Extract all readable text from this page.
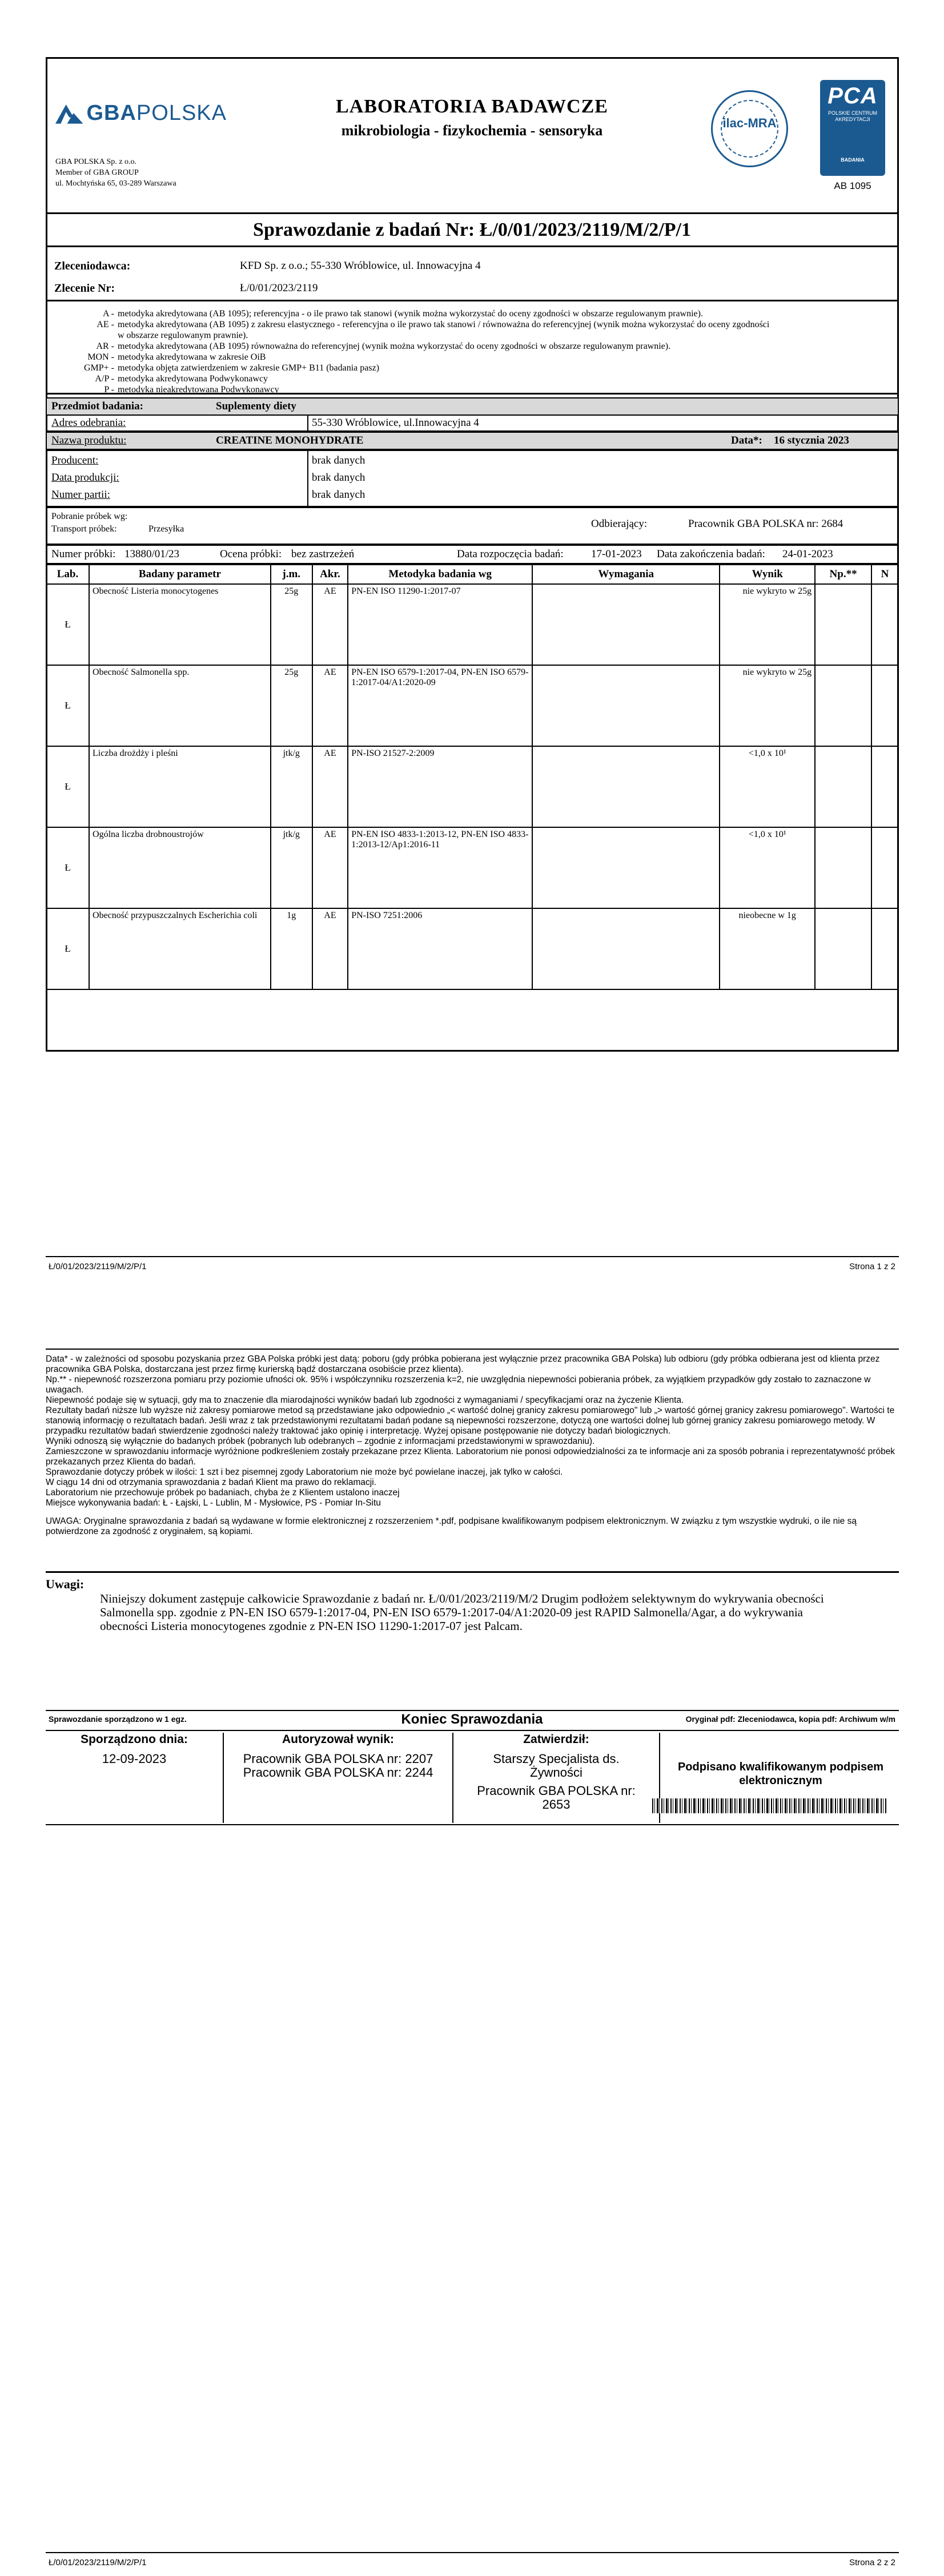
GBAPOLSKA
GBA POLSKA Sp. z o.o.
Member of GBA GROUP
ul. Mochtyńska 65, 03-289 Warszawa
LABORATORIA BADAWCZE
mikrobiologia - fizykochemia - sensoryka	ilac-MRA
PCA
POLSKIE CENTRUM AKREDYTACJI
BADANIA
AB 1095
Sprawozdanie z badań Nr: Ł/0/01/2023/2119/M/2/P/1
Zleceniodawca:	KFD Sp. z o.o.; 55-330 Wróblowice, ul. Innowacyjna 4
Zlecenie Nr:	Ł/0/01/2023/2119
A - metodyka akredytowana (AB 1095); referencyjna - o ile prawo tak stanowi (wynik można wykorzystać do oceny zgodności w obszarze regulowanym prawnie).
AE - metodyka akredytowana (AB 1095) z zakresu elastycznego - referencyjna o ile prawo tak stanowi / równoważna do referencyjnej (wynik można wykorzystać do oceny zgodności
w obszarze regulowanym prawnie).
AR - metodyka akredytowana (AB 1095) równoważna do referencyjnej (wynik można wykorzystać do oceny zgodności w obszarze regulowanym prawnie).
MON - metodyka akredytowana w zakresie OiB
GMP+ - metodyka objęta zatwierdzeniem w zakresie GMP+ B11 (badania pasz)
A/P - metodyka akredytowana Podwykonawcy
P - metodyka nieakredytowana Podwykonawcy
Przedmiot badania:	Suplementy diety
Adres odebrania:	55-330 Wróblowice, ul.Innowacyjna 4
Nazwa produktu:	CREATINE MONOHYDRATE	Data*: 16 stycznia 2023
Producent:	brak danych
Data produkcji:	brak danych
Numer partii:	brak danych
Pobranie próbek wg:
Transport próbek:	Przesyłka	Odbierający:	Pracownik GBA POLSKA nr: 2684
Numer próbki: 13880/01/23	Ocena próbki: bez zastrzeżeń	Data rozpoczęcia badań:	17-01-2023 Data zakończenia badań: 24-01-2023
Lab.	Badany parametr	j.m.	Akr.	Metodyka badania wg	Wymagania	Wynik	Np.**	N
Ł	Obecność Listeria monocytogenes	25g	AE	PN-EN ISO 11290-1:2017-07		nie wykryto w 25g		
Ł	Obecność Salmonella spp.	25g	AE	PN-EN ISO 6579-1:2017-04, PN-EN ISO 6579-1:2017-04/A1:2020-09		nie wykryto w 25g		
Ł	Liczba drożdży i pleśni	jtk/g	AE	PN-ISO 21527-2:2009		<1,0 x 10¹		
Ł	Ogólna liczba drobnoustrojów	jtk/g	AE	PN-EN ISO 4833-1:2013-12, PN-EN ISO 4833-1:2013-12/Ap1:2016-11		<1,0 x 10¹		
Ł	Obecność przypuszczalnych Escherichia coli	1g	AE	PN-ISO 7251:2006		nieobecne w 1g		
Ł/0/01/2023/2119/M/2/P/1	Strona 1 z 2

Data* - w zależności od sposobu pozyskania przez GBA Polska próbki jest datą: poboru (gdy próbka pobierana jest wyłącznie przez pracownika GBA Polska) lub odbioru (gdy próbka odbierana jest od klienta przez pracownika GBA Polska, dostarczana jest przez firmę kurierską bądź dostarczana osobiście przez klienta).

Np.** - niepewność rozszerzona pomiaru przy poziomie ufności ok. 95% i współczynniku rozszerzenia k=2, nie uwzględnia niepewności pobierania próbek, za wyjątkiem przypadków gdy zostało to zaznaczone w uwagach.

Niepewność podaje się w sytuacji, gdy ma to znaczenie dla miarodajności wyników badań lub zgodności z wymaganiami / specyfikacjami oraz na życzenie Klienta.

Rezultaty badań niższe lub wyższe niż zakresy pomiarowe metod są przedstawiane jako odpowiednio „< wartość dolnej granicy zakresu pomiarowego" lub „> wartość górnej granicy zakresu pomiarowego". Wartości te stanowią informację o rezultatach badań. Jeśli wraz z tak przedstawionymi rezultatami badań podane są niepewności rozszerzone, dotyczą one wartości dolnej lub górnej granicy zakresu pomiarowego metody. W przypadku rezultatów badań stwierdzenie zgodności należy traktować jako opinię i interpretację. Wyżej opisane postępowanie nie dotyczy badań biologicznych.

Wyniki odnoszą się wyłącznie do badanych próbek (pobranych lub odebranych – zgodnie z informacjami przedstawionymi w sprawozdaniu).

Zamieszczone w sprawozdaniu informacje wyróżnione podkreśleniem zostały przekazane przez Klienta. Laboratorium nie ponosi odpowiedzialności za te informacje ani za sposób pobrania i reprezentatywność próbek przekazanych przez Klienta do badań.

Sprawozdanie dotyczy próbek w ilości: 1 szt i bez pisemnej zgody Laboratorium nie może być powielane inaczej, jak tylko w całości.

W ciągu 14 dni od otrzymania sprawozdania z badań Klient ma prawo do reklamacji.

Laboratorium nie przechowuje próbek po badaniach, chyba że z Klientem ustalono inaczej

Miejsce wykonywania badań: Ł - Łajski, L - Lublin, M - Mysłowice, PS - Pomiar In-Situ

UWAGA: Oryginalne sprawozdania z badań są wydawane w formie elektronicznej z rozszerzeniem *.pdf, podpisane kwalifikowanym podpisem elektronicznym. W związku z tym wszystkie wydruki, o ile nie są potwierdzone za zgodność z oryginałem, są kopiami.

Uwagi:
Niniejszy dokument zastępuje całkowicie Sprawozdanie z badań nr. Ł/0/01/2023/2119/M/2 Drugim podłożem selektywnym do wykrywania obecności Salmonella spp. zgodnie z PN-EN ISO 6579-1:2017-04, PN-EN ISO 6579-1:2017-04/A1:2020-09 jest RAPID Salmonella/Agar, a do wykrywania obecności Listeria monocytogenes zgodnie z PN-EN ISO 11290-1:2017-07 jest Palcam.
Sprawozdanie sporządzono w 1 egz.	Koniec Sprawozdania	Oryginał pdf: Zleceniodawca, kopia pdf: Archiwum w/m
Sporządzono dnia:
12-09-2023
Autoryzował wynik:
Pracownik GBA POLSKA nr: 2207
Pracownik GBA POLSKA nr: 2244
Zatwierdził:
Starszy Specjalista ds. Żywności
Pracownik GBA POLSKA nr: 2653
Podpisano kwalifikowanym podpisem elektronicznym
Ł/0/01/2023/2119/M/2/P/1	Strona 2 z 2
